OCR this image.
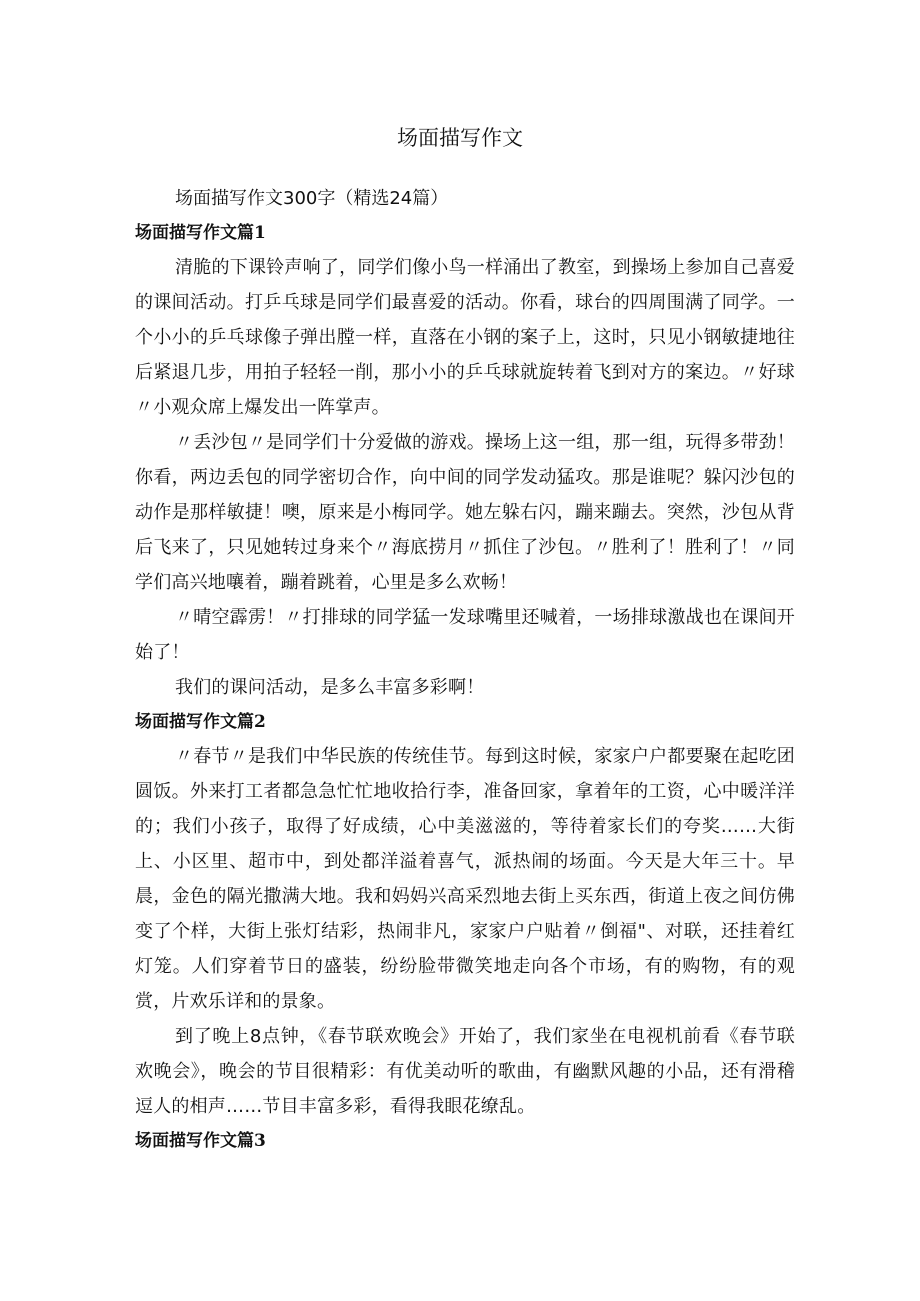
场面描写作文

场面描写作文300字（精选24篇）

场面描写作文篇1

清脆的下课铃声响了，同学们像小鸟一样涌出了教室，到操场上参加自己喜爱的课间活动。打乒乓球是同学们最喜爱的活动。你看，球台的四周围满了同学。一个小小的乒乓球像子弹出膛一样，直落在小钢的案子上，这时，只见小钢敏捷地往后紧退几步，用拍子轻轻一削，那小小的乒乓球就旋转着飞到对方的案边。〃好球〃小观众席上爆发出一阵掌声。

〃丢沙包〃是同学们十分爱做的游戏。操场上这一组，那一组，玩得多带劲！你看，两边丢包的同学密切合作，向中间的同学发动猛攻。那是谁呢？躲闪沙包的动作是那样敏捷！噢，原来是小梅同学。她左躲右闪，蹦来蹦去。突然，沙包从背后飞来了，只见她转过身来个〃海底捞月〃抓住了沙包。〃胜利了！胜利了！〃同学们高兴地嚷着，蹦着跳着，心里是多么欢畅！

〃晴空霹雳！〃打排球的同学猛一发球嘴里还喊着，一场排球激战也在课间开始了！

我们的课问活动，是多么丰富多彩啊！

场面描写作文篇2

〃春节〃是我们中华民族的传统佳节。每到这时候，家家户户都要聚在起吃团圆饭。外来打工者都急急忙忙地收拾行李，准备回家，拿着年的工资，心中暖洋洋的；我们小孩子，取得了好成绩，心中美滋滋的，等待着家长们的夸奖……大街上、小区里、超市中，到处都洋溢着喜气，派热闹的场面。今天是大年三十。早晨，金色的隔光撒满大地。我和妈妈兴高采烈地去街上买东西，街道上夜之间仿佛变了个样，大街上张灯结彩，热闹非凡，家家户户贴着〃倒福"、对联，还挂着红灯笼。人们穿着节日的盛装，纷纷脸带微笑地走向各个市场，有的购物，有的观赏，片欢乐详和的景象。

到了晚上8点钟，《春节联欢晚会》开始了，我们家坐在电视机前看《春节联欢晚会》，晚会的节目很精彩：有优美动听的歌曲，有幽默风趣的小品，还有滑稽逗人的相声……节目丰富多彩，看得我眼花缭乱。

场面描写作文篇3
